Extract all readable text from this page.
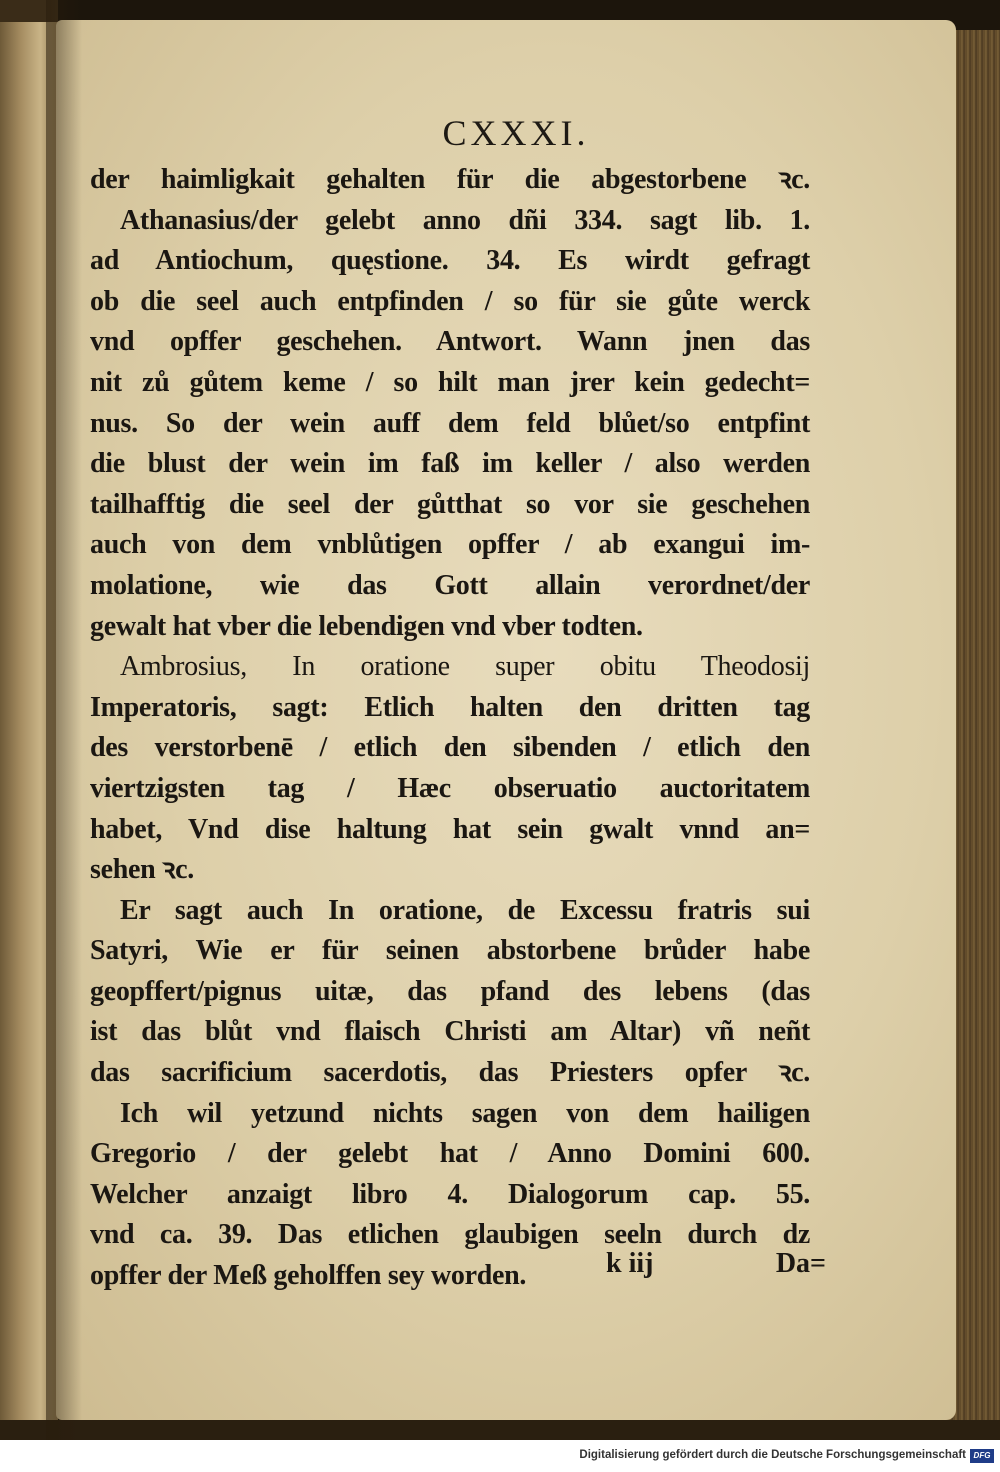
CXXXI.
der haimligkait gehalten für die abgestorbene ꝛc.
Athanasius/der gelebt anno dñi 334. sagt lib. 1.
ad Antiochum, quęstione. 34. Es wirdt gefragt
ob die seel auch entpfinden / so für sie gůte werck
vnd opffer geschehen. Antwort. Wann jnen das
nit zů gůtem keme / so hilt man jrer kein gedecht=
nus. So der wein auff dem feld blůet/so entpfint
die blust der wein im faß im keller / also werden
tailhafftig die seel der gůtthat so vor sie geschehen
auch von dem vnblůtigen opffer / ab exangui im-
molatione, wie das Gott allain verordnet/der
gewalt hat vber die lebendigen vnd vber todten.
Ambrosius, In oratione super obitu Theodosij
Imperatoris, sagt: Etlich halten den dritten tag
des verstorbenē / etlich den sibenden / etlich den
viertzigsten tag / Hæc obseruatio auctoritatem
habet, Vnd dise haltung hat sein gwalt vnnd an=
sehen ꝛc.
Er sagt auch In oratione, de Excessu fratris sui
Satyri, Wie er für seinen abstorbene brůder habe
geopffert/pignus uitæ, das pfand des lebens (das
ist das blůt vnd flaisch Christi am Altar) vñ neñt
das sacrificium sacerdotis, das Priesters opfer ꝛc.
Ich wil yetzund nichts sagen von dem hailigen
Gregorio / der gelebt hat / Anno Domini 600.
Welcher anzaigt libro 4. Dialogorum cap. 55.
vnd ca. 39. Das etlichen glaubigen seeln durch dz
opffer der Meß geholffen sey worden.	k iij	Da=
Digitalisierung gefördert durch die Deutsche Forschungsgemeinschaft DFG
